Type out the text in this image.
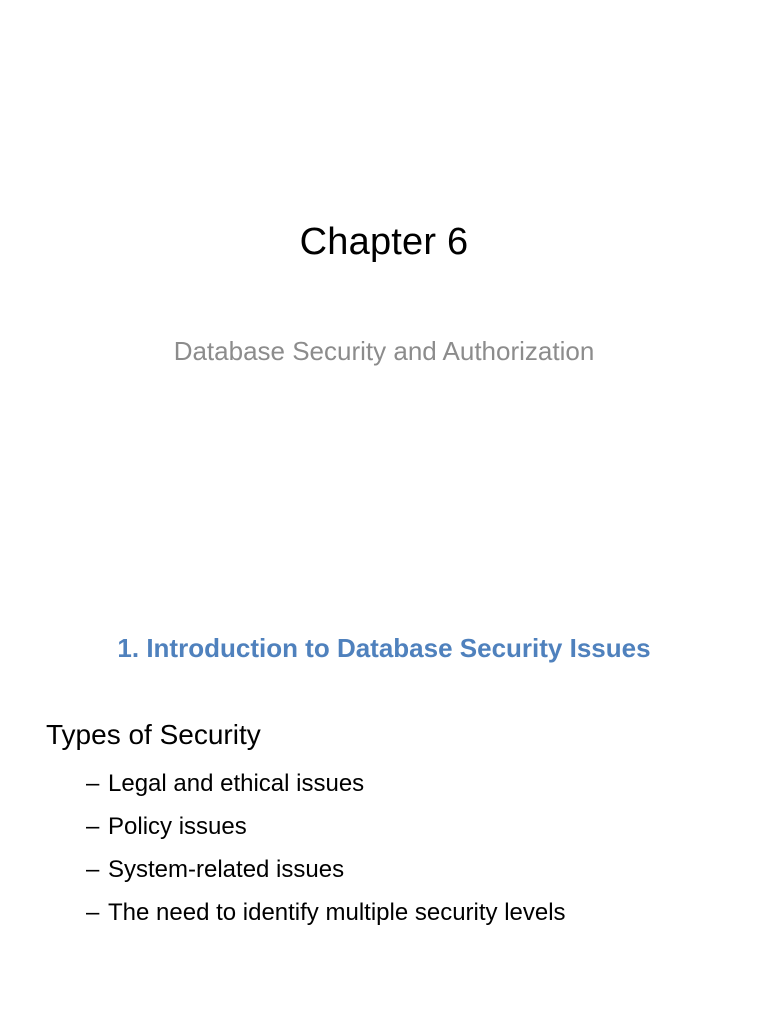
Chapter 6

Database Security and Authorization

1. Introduction to Database Security Issues

Types of Security

– Legal and ethical issues
– Policy issues
– System-related issues
– The need to identify multiple security levels
